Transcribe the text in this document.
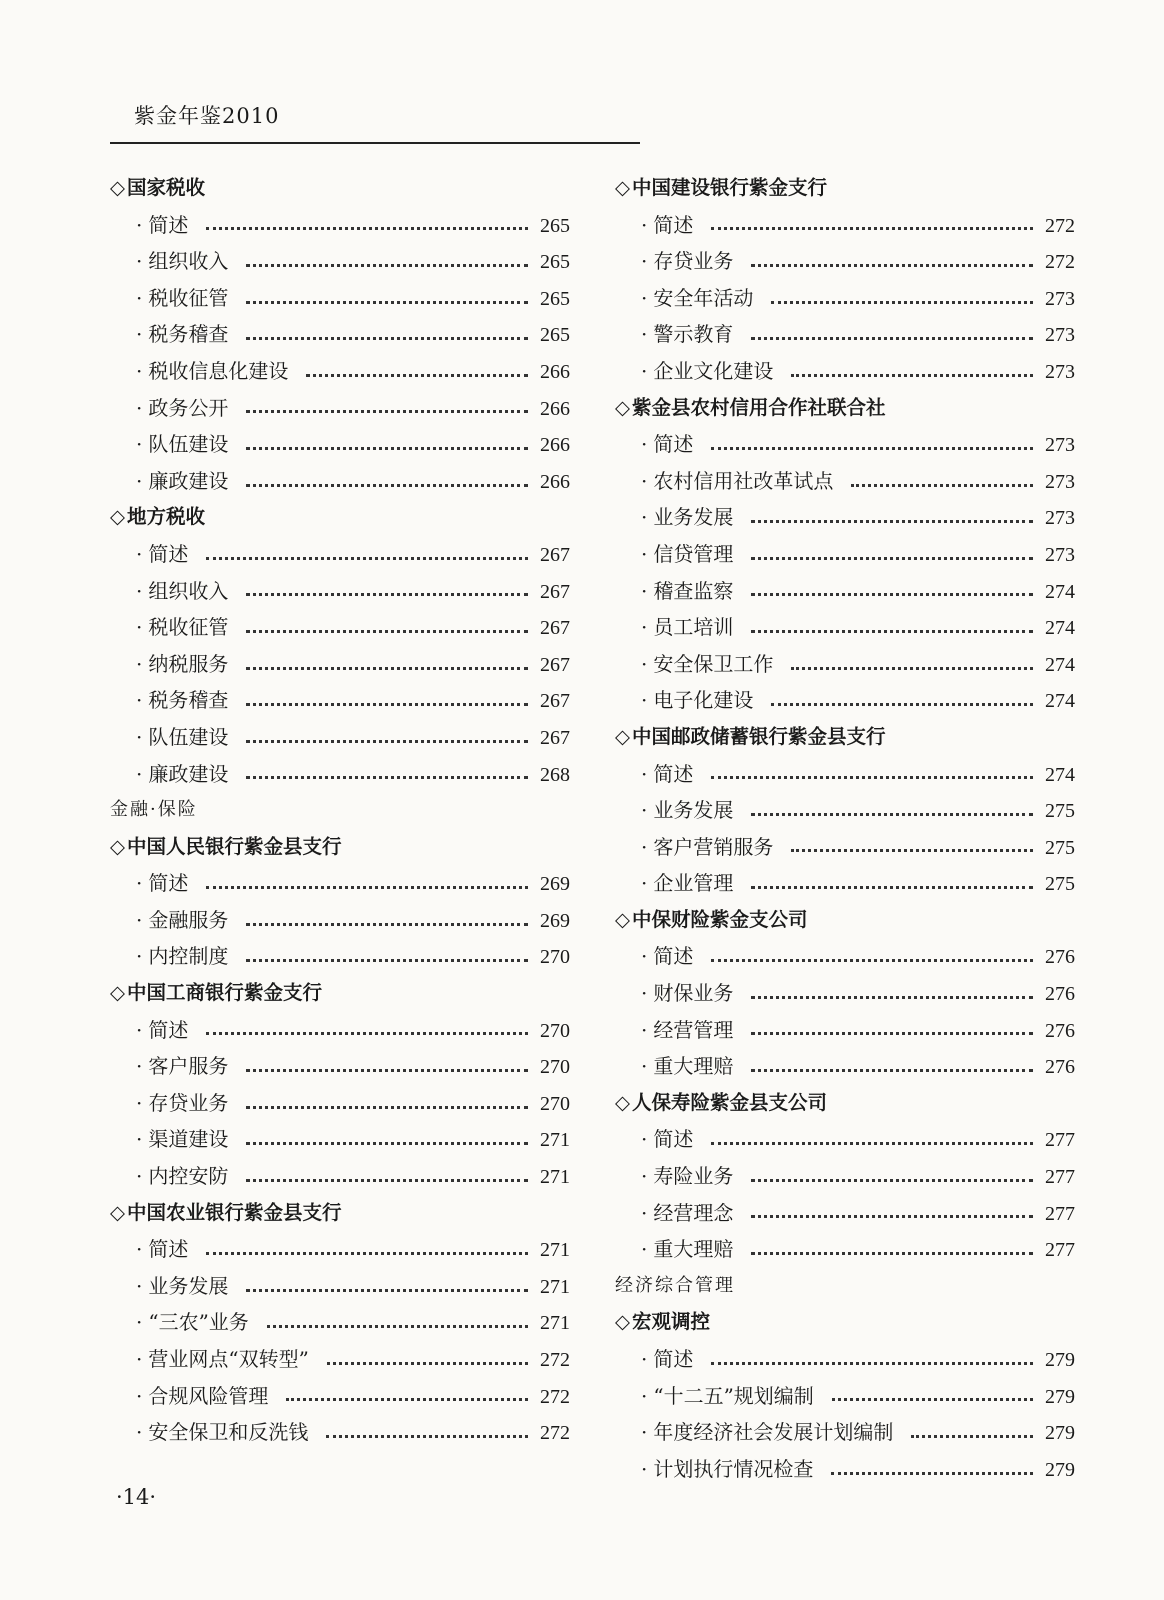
紫金年鉴2010
◇ 国家税收
· 简述	265
· 组织收入	265
· 税收征管	265
· 税务稽查	265
· 税收信息化建设	266
· 政务公开	266
· 队伍建设	266
· 廉政建设	266
◇ 地方税收
· 简述	267
· 组织收入	267
· 税收征管	267
· 纳税服务	267
· 税务稽查	267
· 队伍建设	267
· 廉政建设	268
金融·保险
◇ 中国人民银行紫金县支行
· 简述	269
· 金融服务	269
· 内控制度	270
◇ 中国工商银行紫金支行
· 简述	270
· 客户服务	270
· 存贷业务	270
· 渠道建设	271
· 内控安防	271
◇ 中国农业银行紫金县支行
· 简述	271
· 业务发展	271
· “三农”业务	271
· 营业网点“双转型”	272
· 合规风险管理	272
· 安全保卫和反洗钱	272
◇ 中国建设银行紫金支行
· 简述	272
· 存贷业务	272
· 安全年活动	273
· 警示教育	273
· 企业文化建设	273
◇ 紫金县农村信用合作社联合社
· 简述	273
· 农村信用社改革试点	273
· 业务发展	273
· 信贷管理	273
· 稽查监察	274
· 员工培训	274
· 安全保卫工作	274
· 电子化建设	274
◇ 中国邮政储蓄银行紫金县支行
· 简述	274
· 业务发展	275
· 客户营销服务	275
· 企业管理	275
◇ 中保财险紫金支公司
· 简述	276
· 财保业务	276
· 经营管理	276
· 重大理赔	276
◇ 人保寿险紫金县支公司
· 简述	277
· 寿险业务	277
· 经营理念	277
· 重大理赔	277
经济综合管理
◇ 宏观调控
· 简述	279
· “十二五”规划编制	279
· 年度经济社会发展计划编制	279
· 计划执行情况检查	279
·14·
